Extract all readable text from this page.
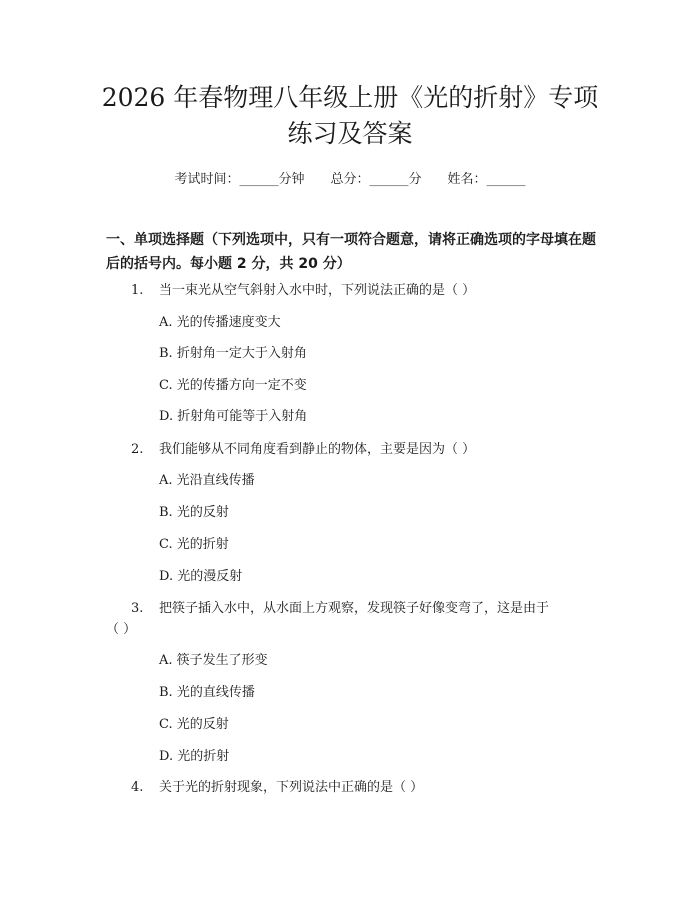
2026 年春物理八年级上册《光的折射》专项
练习及答案
考试时间：______分钟　　总分：______分　　姓名：______

一、单项选择题（下列选项中，只有一项符合题意，请将正确选项的字母填在题后的括号内。每小题 2 分，共 20 分）

1.	当一束光从空气斜射入水中时，下列说法正确的是（ ）
A. 光的传播速度变大
B. 折射角一定大于入射角
C. 光的传播方向一定不变
D. 折射角可能等于入射角
2.	我们能够从不同角度看到静止的物体，主要是因为（ ）
A. 光沿直线传播
B. 光的反射
C. 光的折射
D. 光的漫反射
3.	把筷子插入水中，从水面上方观察，发现筷子好像变弯了，这是由于
（ ）
A. 筷子发生了形变
B. 光的直线传播
C. 光的反射
D. 光的折射
4.	关于光的折射现象，下列说法中正确的是（ ）
